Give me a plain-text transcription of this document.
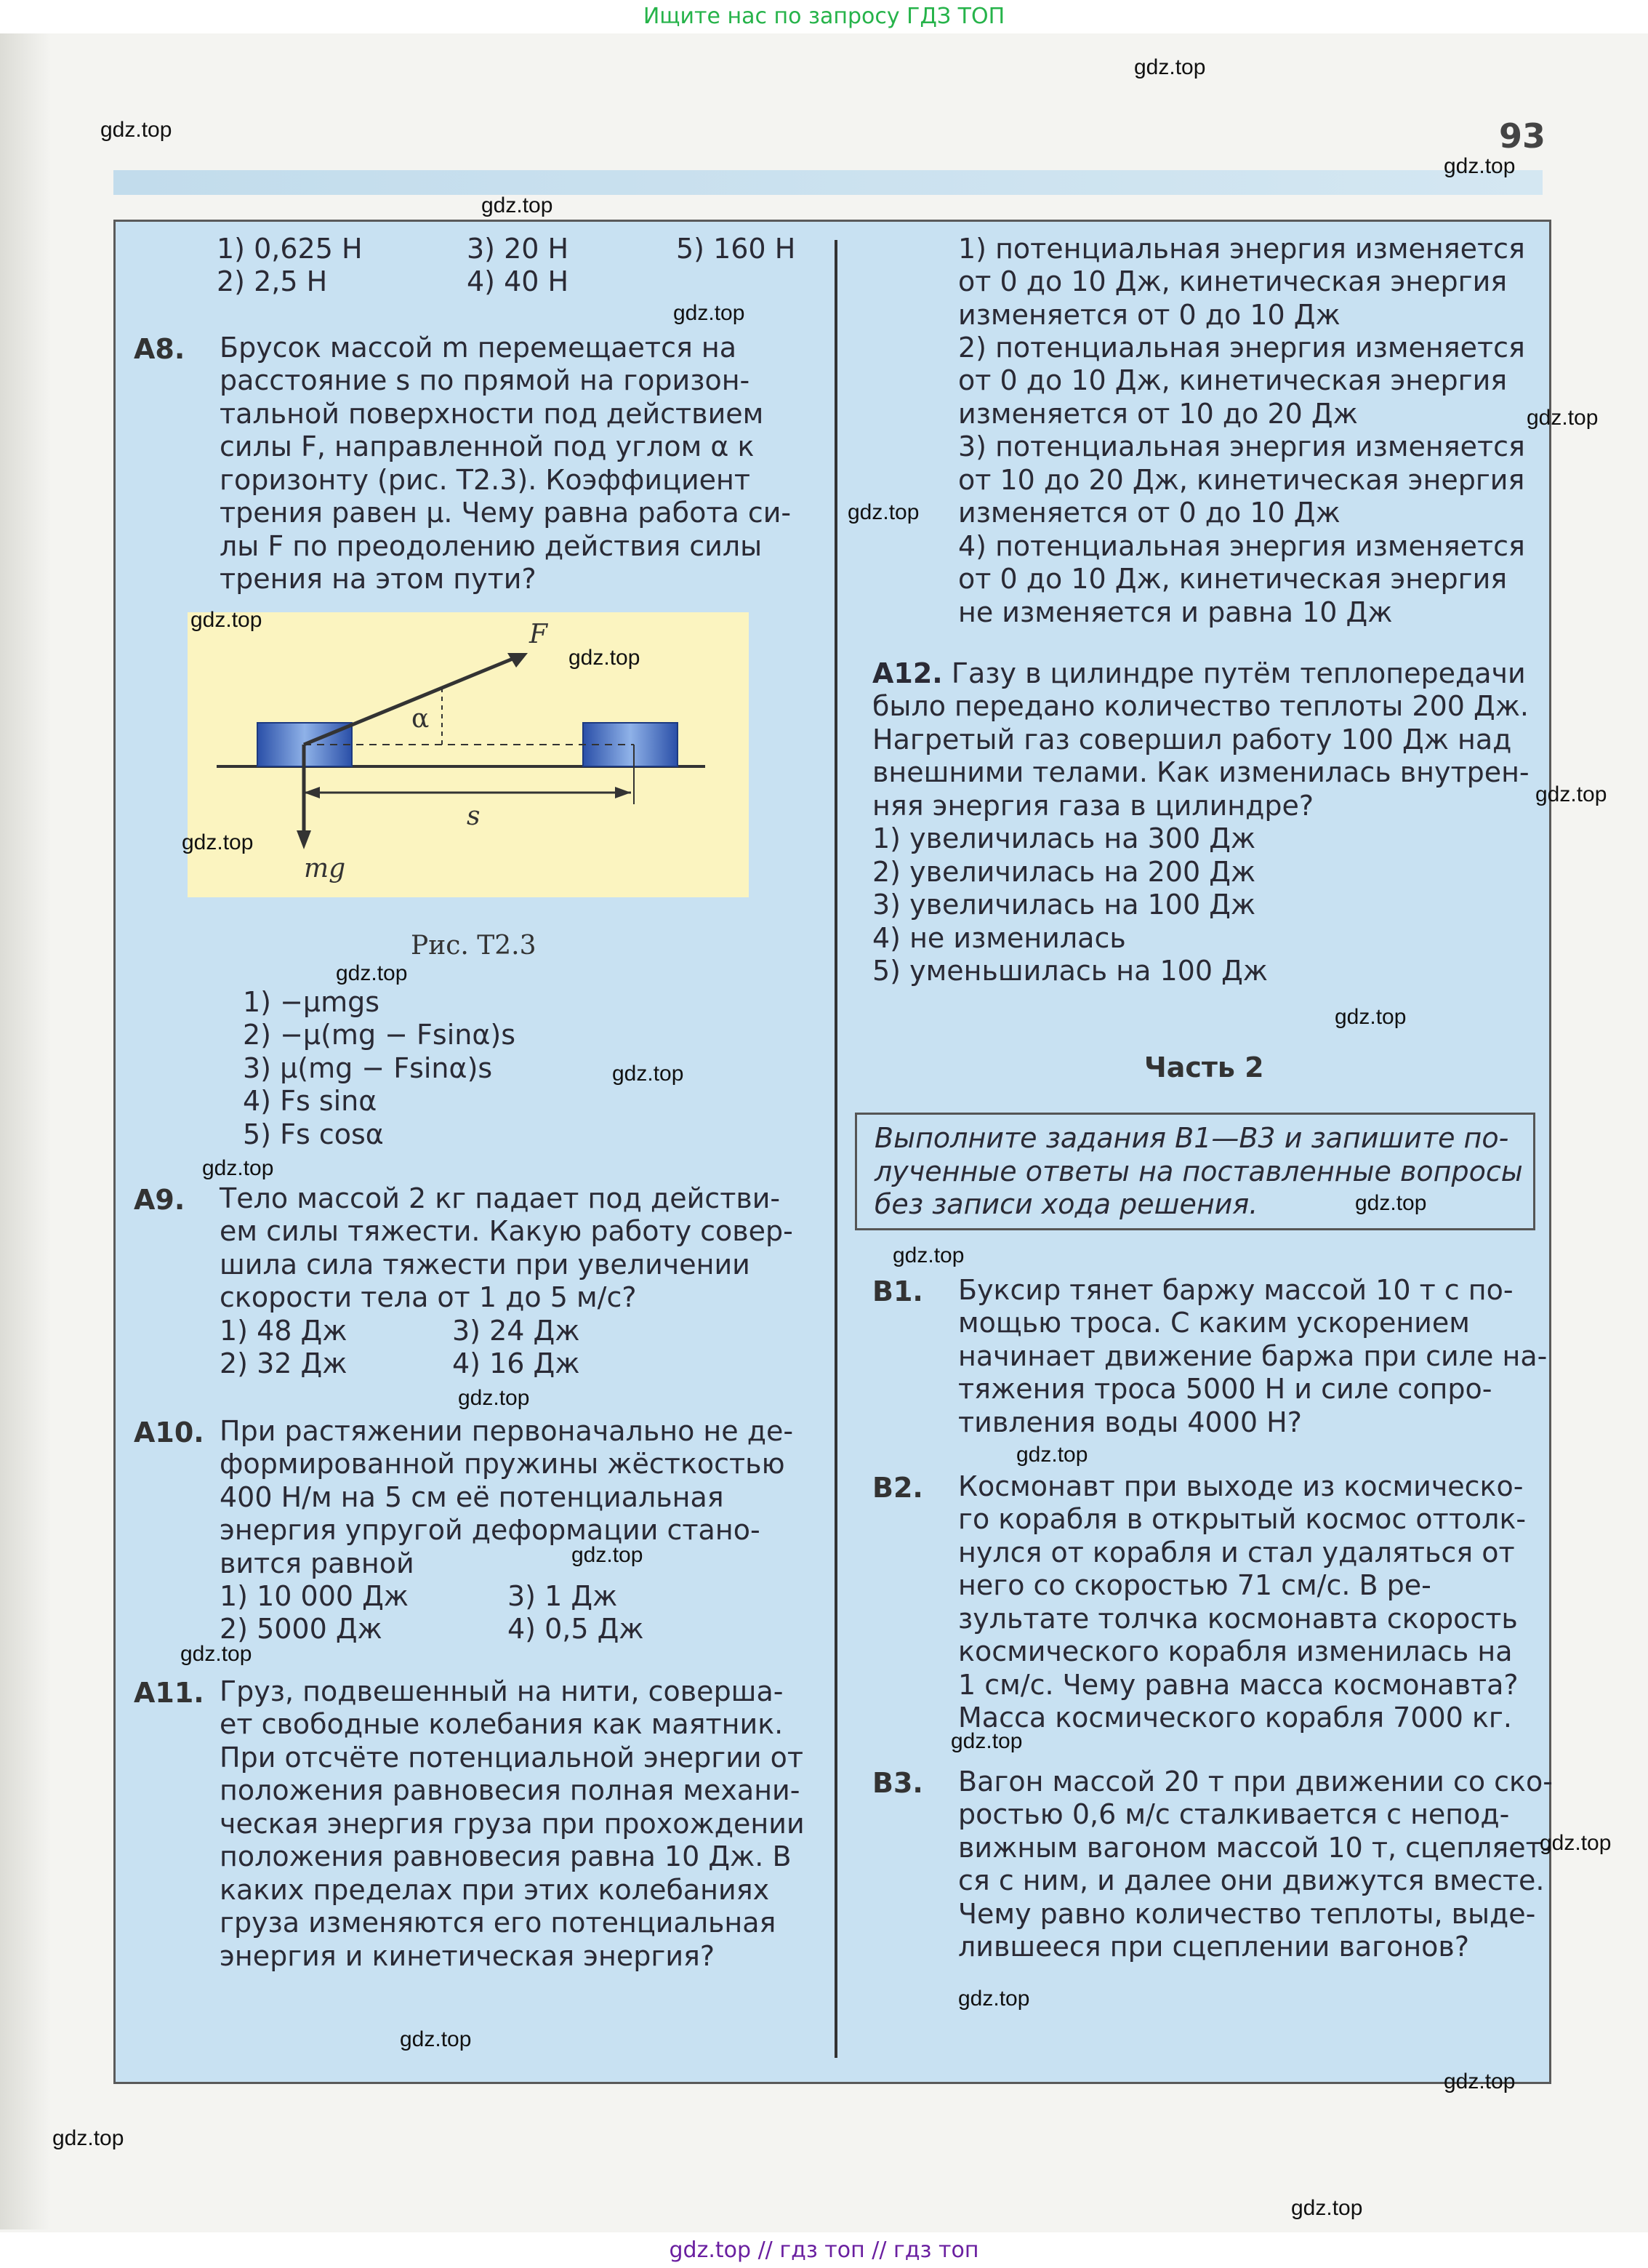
Ищите нас по запросу ГДЗ ТОП
93

1) 0,625 Н

2) 2,5 Н

3) 20 Н

4) 40 Н

5) 160 Н

А8. Брусок массой m перемещается на

расстояние s по прямой на горизон-

тальной поверхности под действием

силы F, направленной под углом α к

горизонту (рис. Т2.3). Коэффициент

трения равен μ. Чему равна работа си-

лы F по преодолению действия силы

трения на этом пути?

F
α
s
mg
Рис. Т2.3

1) −μmgs

2) −μ(mg − Fsinα)s

3) μ(mg − Fsinα)s

4) Fs sinα

5) Fs cosα

А9. Тело массой 2 кг падает под действи-

ем силы тяжести. Какую работу совер-

шила сила тяжести при увеличении

скорости тела от 1 до 5 м/с?

1) 48 Дж

2) 32 Дж

3) 24 Дж

4) 16 Дж

А10. При растяжении первоначально не де-

формированной пружины жёсткостью

400 Н/м на 5 см её потенциальная

энергия упругой деформации стано-

вится равной

1) 10 000 Дж

2) 5000 Дж

3) 1 Дж

4) 0,5 Дж

А11. Груз, подвешенный на нити, соверша-

ет свободные колебания как маятник.

При отсчёте потенциальной энергии от

положения равновесия полная механи-

ческая энергия груза при прохождении

положения равновесия равна 10 Дж. В

каких пределах при этих колебаниях

груза изменяются его потенциальная

энергия и кинетическая энергия?

1) потенциальная энергия изменяется

от 0 до 10 Дж, кинетическая энергия

изменяется от 0 до 10 Дж

2) потенциальная энергия изменяется

от 0 до 10 Дж, кинетическая энергия

изменяется от 10 до 20 Дж

3) потенциальная энергия изменяется

от 10 до 20 Дж, кинетическая энергия

изменяется от 0 до 10 Дж

4) потенциальная энергия изменяется

от 0 до 10 Дж, кинетическая энергия

не изменяется и равна 10 Дж

А12. Газу в цилиндре путём теплопередачи

было передано количество теплоты 200 Дж.

Нагретый газ совершил работу 100 Дж над

внешними телами. Как изменилась внутрен-

няя энергия газа в цилиндре?

1) увеличилась на 300 Дж

2) увеличилась на 200 Дж

3) увеличилась на 100 Дж

4) не изменилась

5) уменьшилась на 100 Дж

Часть 2
Выполните задания В1—В3 и запишите по-
лученные ответы на поставленные вопросы
без записи хода решения.
В1. Буксир тянет баржу массой 10 т с по-

мощью троса. С каким ускорением

начинает движение баржа при силе на-

тяжения троса 5000 Н и силе сопро-

тивления воды 4000 Н?

В2. Космонавт при выходе из космическо-

го корабля в открытый космос оттолк-

нулся от корабля и стал удаляться от

него со скоростью 71 см/с. В ре-

зультате толчка космонавта скорость

космического корабля изменилась на

1 см/с. Чему равна масса космонавта?

Масса космического корабля 7000 кг.

В3. Вагон массой 20 т при движении со ско-

ростью 0,6 м/с сталкивается с непод-

вижным вагоном массой 10 т, сцепляет-

ся с ним, и далее они движутся вместе.

Чему равно количество теплоты, выде-

лившееся при сцеплении вагонов?

gdz.top
gdz.top
gdz.top
gdz.top
gdz.top
gdz.top
gdz.top
gdz.top
gdz.top
gdz.top
gdz.top
gdz.top
gdz.top
gdz.top
gdz.top
gdz.top
gdz.top
gdz.top
gdz.top
gdz.top
gdz.top
gdz.top
gdz.top
gdz.top
gdz.top
gdz.top
gdz.top
gdz.top
gdz.top // гдз топ // гдз топ
